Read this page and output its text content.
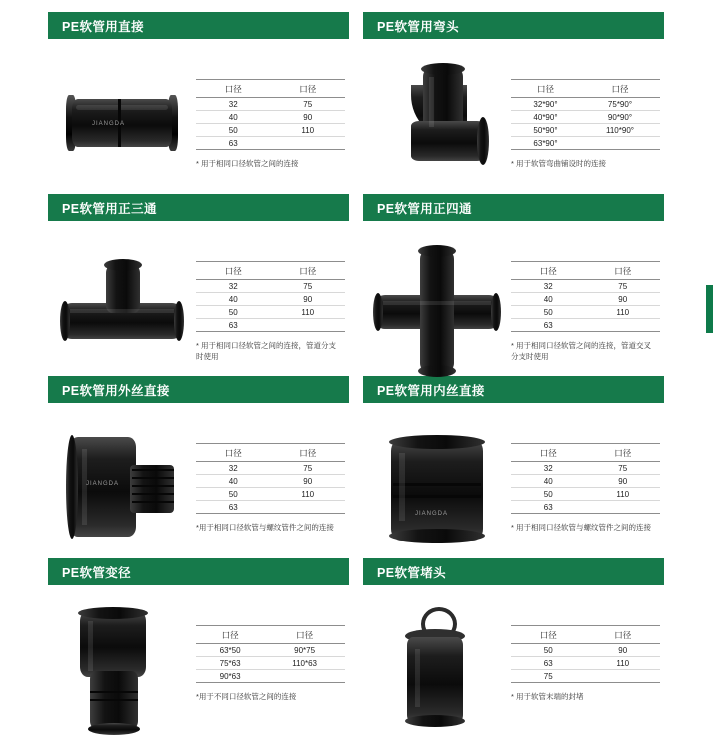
PE软管用直接
JIANGDA
口径	口径
32	75
40	90
50	110
63	
* 用于相同口径软管之间的连接
PE软管用弯头
口径	口径
32*90°	75*90°
40*90°	90*90°
50*90°	110*90°
63*90°	
* 用于软管弯曲铺设时的连接
PE软管用正三通
口径	口径
32	75
40	90
50	110
63	
* 用于相同口径软管之间的连接，管道分支时使用
PE软管用正四通
口径	口径
32	75
40	90
50	110
63	
* 用于相同口径软管之间的连接，管道交叉分支时使用
PE软管用外丝直接
JIANGDA
口径	口径
32	75
40	90
50	110
63	
*用于相同口径软管与螺纹管件之间的连接
PE软管用内丝直接
JIANGDA
口径	口径
32	75
40	90
50	110
63	
* 用于相同口径软管与螺纹管件之间的连接
PE软管变径
口径	口径
63*50	90*75
75*63	110*63
90*63	
*用于不同口径软管之间的连接
PE软管堵头
口径	口径
50	90
63	110
75	
* 用于软管末端的封堵
